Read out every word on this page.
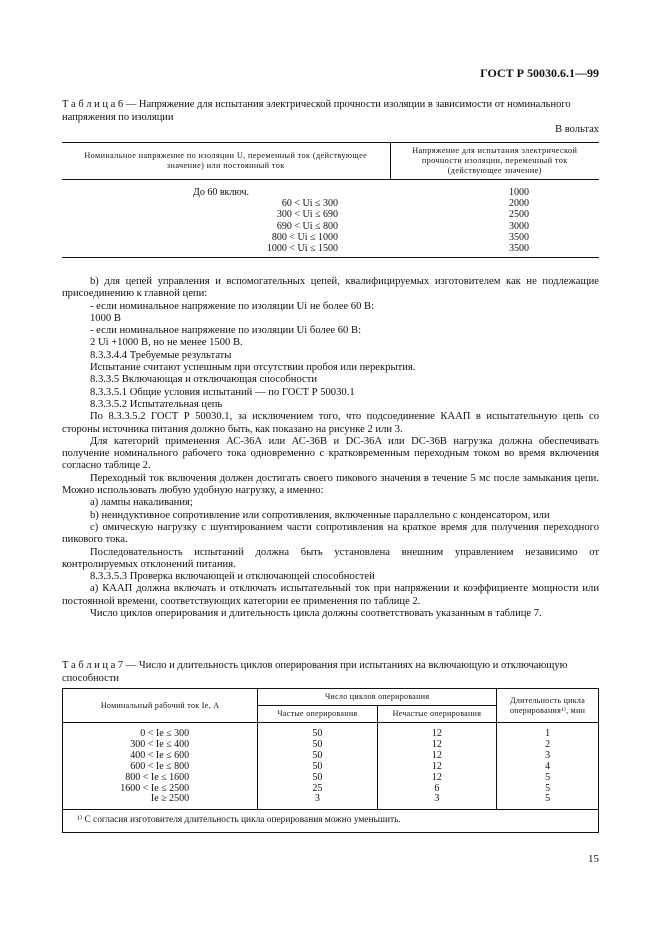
ГОСТ Р 50030.6.1—99
Т а б л и ц а 6 — Напряжение для испытания электрической прочности изоляции в зависимости от номинального напряжения по изоляции
В вольтах
Номинальное напряжение по изоляции U, переменный ток (действующее значение) или постоянный ток	Напряжение для испытания электрической прочности изоляции, переменный ток (действующее значение)
До 60 включ.	1000
60 < Ui ≤ 300	2000
300 < Ui ≤ 690	2500
690 < Ui ≤ 800	3000
800 < Ui ≤ 1000	3500
1000 < Ui ≤ 1500	3500

b) для цепей управления и вспомогательных цепей, квалифицируемых изготовителем как не подлежащие присоединению к главной цепи:

- если номинальное напряжение по изоляции Ui не более 60 В:

1000 В

- если номинальное напряжение по изоляции Ui более 60 В:

2 Ui +1000 В, но не менее 1500 В.

8.3.3.4.4 Требуемые результаты

Испытание считают успешным при отсутствии пробоя или перекрытия.

8.3.3.5 Включающая и отключающая способности

8.3.3.5.1 Общие условия испытаний — по ГОСТ Р 50030.1

8.3.3.5.2 Испытательная цепь

По 8.3.3.5.2 ГОСТ Р 50030.1, за исключением того, что подсоединение КААП в испытательную цепь со стороны источника питания должно быть, как показано на рисунке 2 или 3.

Для категорий применения АС-36А или АС-36В и DC-36A или DC-36B нагрузка должна обеспечивать получение номинального рабочего тока одновременно с кратковременным переходным током во время включения согласно таблице 2.

Переходный ток включения должен достигать своего пикового значения в течение 5 мс после замыкания цепи. Можно использовать любую удобную нагрузку, а именно:

а) лампы накаливания;

b) неиндуктивное сопротивление или сопротивления, включенные параллельно с конденсатором, или

с) омическую нагрузку с шунтированием части сопротивления на краткое время для получения переходного пикового тока.

Последовательность испытаний должна быть установлена внешним управлением независимо от контролируемых отклонений питания.

8.3.3.5.3 Проверка включающей и отключающей способностей

а) КААП должна включать и отключать испытательный ток при напряжении и коэффициенте мощности или постоянной времени, соответствующих категории ее применения по таблице 2.

Число циклов оперирования и длительность цикла должны соответствовать указанным в таблице 7.

Т а б л и ц а 7 — Число и длительность циклов оперирования при испытаниях на включающую и отключающую способности
Номинальный рабочий ток Ie, А	Число циклов оперирования		Длительность цикла оперирования¹⁾, мин
	Частые оперирования	Нечастые оперирования	
0 < Ie ≤ 300	50	12	1
300 < Ie ≤ 400	50	12	2
400 < Ie ≤ 600	50	12	3
600 < Ie ≤ 800	50	12	4
800 < Ie ≤ 1600	50	12	5
1600 < Ie ≤ 2500	25	6	5
Ie ≥ 2500	3	3	5
¹⁾ С согласия изготовителя длительность цикла оперирования можно уменьшить.			
15
